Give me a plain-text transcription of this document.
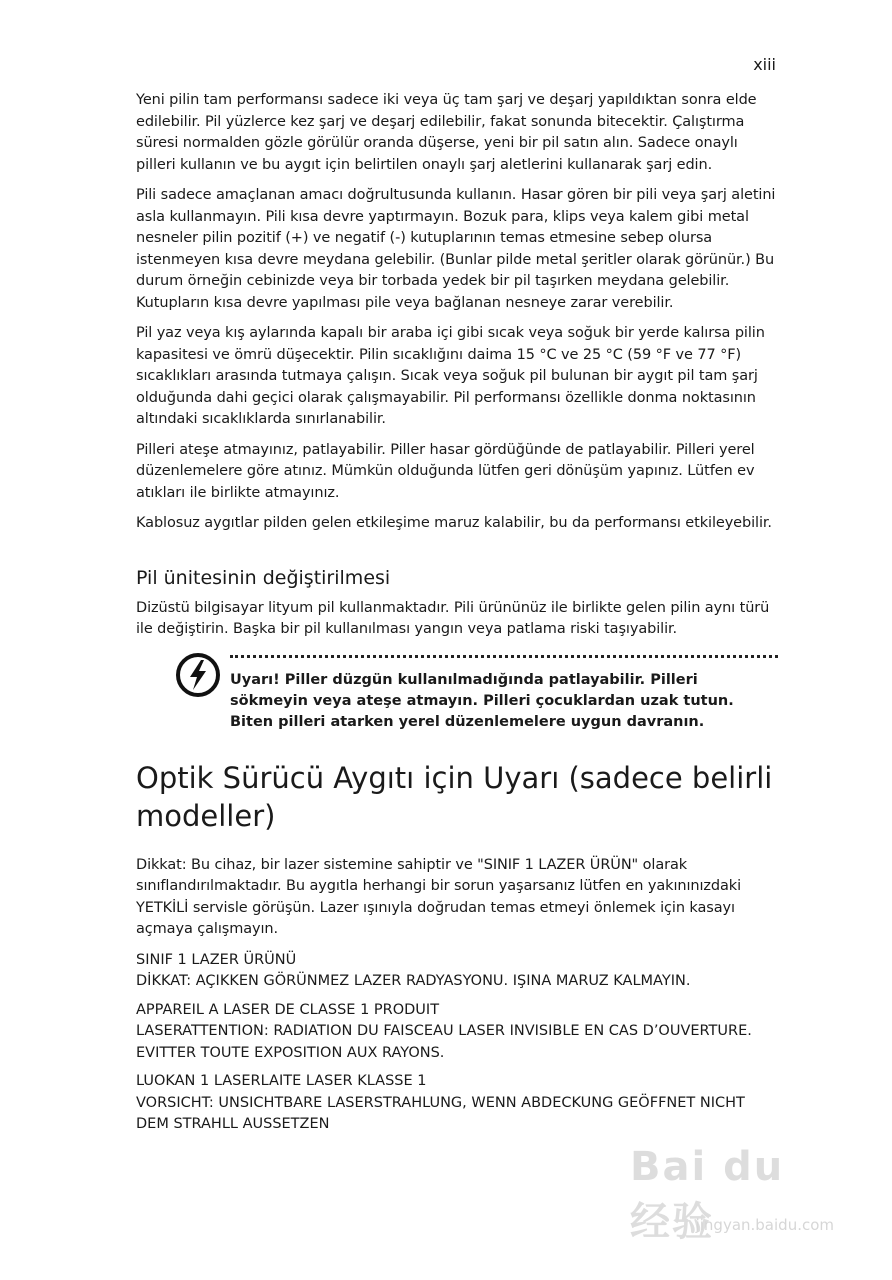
xiii

Yeni pilin tam performansı sadece iki veya üç tam şarj ve deşarj yapıldıktan sonra elde edilebilir. Pil yüzlerce kez şarj ve deşarj edilebilir, fakat sonunda bitecektir. Çalıştırma süresi normalden gözle görülür oranda düşerse, yeni bir pil satın alın. Sadece onaylı pilleri kullanın ve bu aygıt için belirtilen onaylı şarj aletlerini kullanarak şarj edin.

Pili sadece amaçlanan amacı doğrultusunda kullanın. Hasar gören bir pili veya şarj aletini asla kullanmayın. Pili kısa devre yaptırmayın. Bozuk para, klips veya kalem gibi metal nesneler pilin pozitif (+) ve negatif (-) kutuplarının temas etmesine sebep olursa istenmeyen kısa devre meydana gelebilir. (Bunlar pilde metal şeritler olarak görünür.) Bu durum örneğin cebinizde veya bir torbada yedek bir pil taşırken meydana gelebilir. Kutupların kısa devre yapılması pile veya bağlanan nesneye zarar verebilir.

Pil yaz veya kış aylarında kapalı bir araba içi gibi sıcak veya soğuk bir yerde kalırsa pilin kapasitesi ve ömrü düşecektir. Pilin sıcaklığını daima 15 °C ve 25 °C (59 °F ve 77 °F) sıcaklıkları arasında tutmaya çalışın. Sıcak veya soğuk pil bulunan bir aygıt pil tam şarj olduğunda dahi geçici olarak çalışmayabilir. Pil performansı özellikle donma noktasının altındaki sıcaklıklarda sınırlanabilir.

Pilleri ateşe atmayınız, patlayabilir. Piller hasar gördüğünde de patlayabilir. Pilleri yerel düzenlemelere göre atınız. Mümkün olduğunda lütfen geri dönüşüm yapınız. Lütfen ev atıkları ile birlikte atmayınız.

Kablosuz aygıtlar pilden gelen etkileşime maruz kalabilir, bu da performansı etkileyebilir.

Pil ünitesinin değiştirilmesi

Dizüstü bilgisayar lityum pil kullanmaktadır. Pili ürününüz ile birlikte gelen pilin aynı türü ile değiştirin. Başka bir pil kullanılması yangın veya patlama riski taşıyabilir.

Uyarı! Piller düzgün kullanılmadığında patlayabilir. Pilleri sökmeyin veya ateşe atmayın. Pilleri çocuklardan uzak tutun. Biten pilleri atarken yerel düzenlemelere uygun davranın.

Optik Sürücü Aygıtı için Uyarı (sadece belirli modeller)

Dikkat: Bu cihaz, bir lazer sistemine sahiptir ve "SINIF 1 LAZER ÜRÜN" olarak sınıflandırılmaktadır. Bu aygıtla herhangi bir sorun yaşarsanız lütfen en yakınınızdaki YETKİLİ servisle görüşün. Lazer ışınıyla doğrudan temas etmeyi önlemek için kasayı açmaya çalışmayın.

SINIF 1 LAZER ÜRÜNÜ
DİKKAT: AÇIKKEN GÖRÜNMEZ LAZER RADYASYONU. IŞINA MARUZ KALMAYIN.
APPAREIL A LASER DE CLASSE 1 PRODUIT
LASERATTENTION: RADIATION DU FAISCEAU LASER INVISIBLE EN CAS D’OUVERTURE. EVITTER TOUTE EXPOSITION AUX RAYONS.
LUOKAN 1 LASERLAITE LASER KLASSE 1
VORSICHT: UNSICHTBARE LASERSTRAHLUNG, WENN ABDECKUNG GEÖFFNET NICHT DEM STRAHLL AUSSETZEN
Bai du 经验
jingyan.baidu.com
